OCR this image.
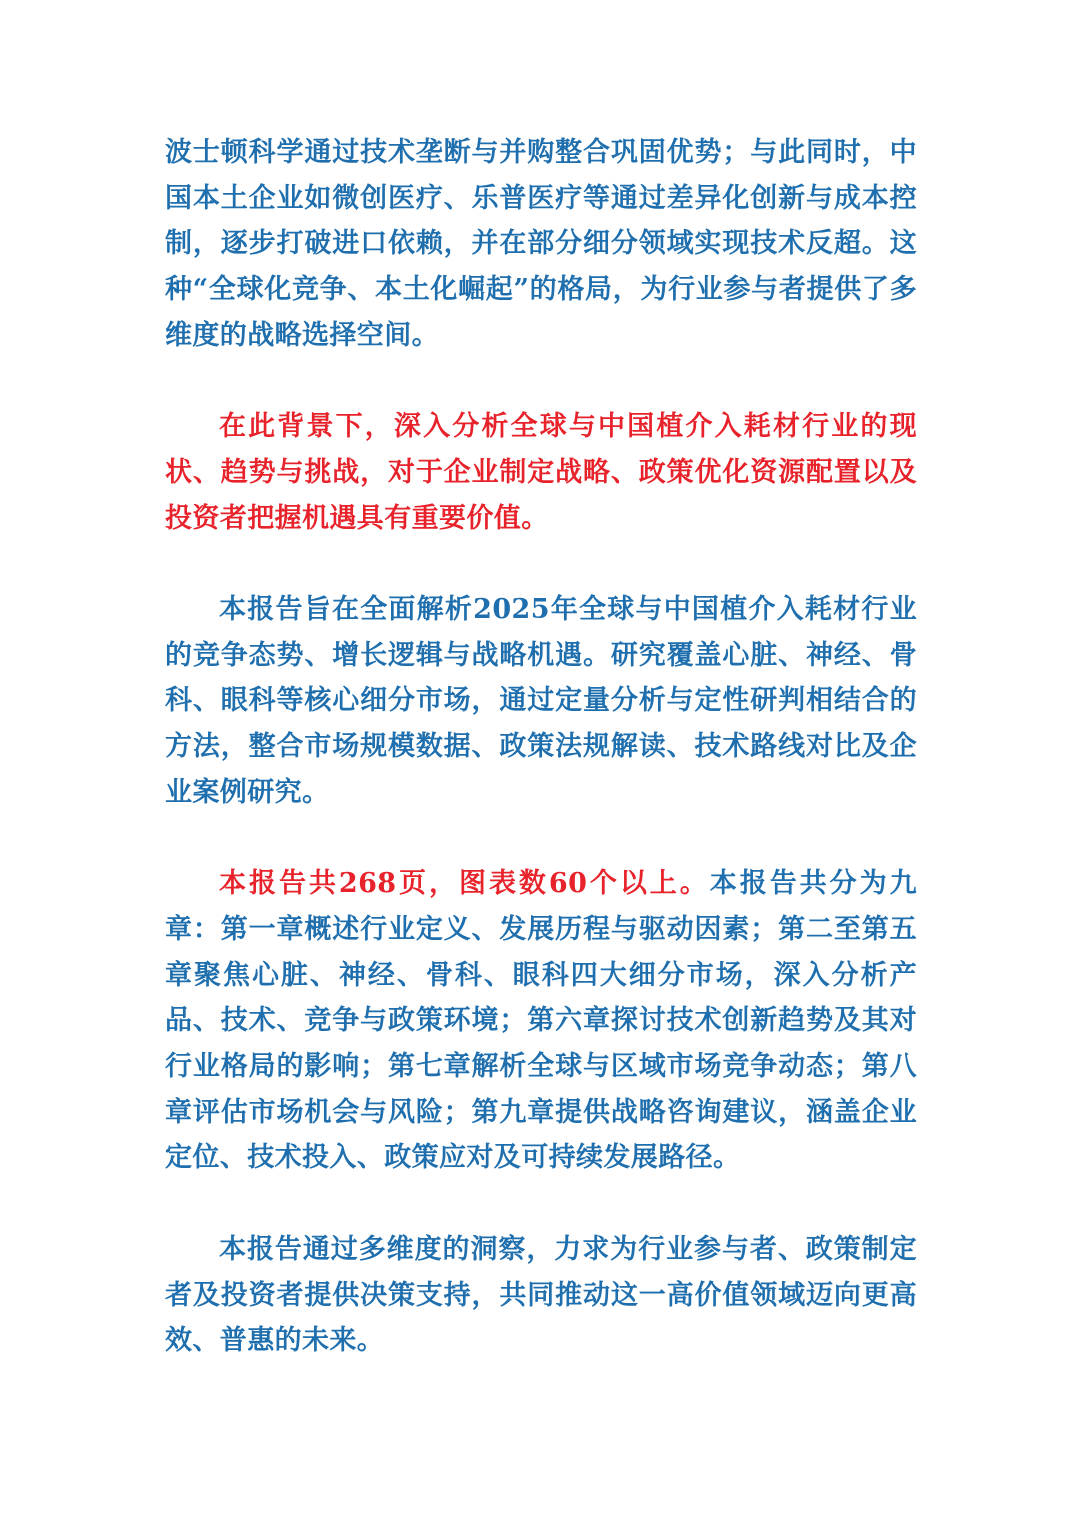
波士顿科学通过技术垄断与并购整合巩固优势；与此同时，中国本土企业如微创医疗、乐普医疗等通过差异化创新与成本控制，逐步打破进口依赖，并在部分细分领域实现技术反超。这种“全球化竞争、本土化崛起”的格局，为行业参与者提供了多维度的战略选择空间。

在此背景下，深入分析全球与中国植介入耗材行业的现状、趋势与挑战，对于企业制定战略、政策优化资源配置以及投资者把握机遇具有重要价值。

本报告旨在全面解析2025年全球与中国植介入耗材行业的竞争态势、增长逻辑与战略机遇。研究覆盖心脏、神经、骨科、眼科等核心细分市场，通过定量分析与定性研判相结合的方法，整合市场规模数据、政策法规解读、技术路线对比及企业案例研究。

本报告共268页，图表数60个以上。本报告共分为九章：第一章概述行业定义、发展历程与驱动因素；第二至第五章聚焦心脏、神经、骨科、眼科四大细分市场，深入分析产品、技术、竞争与政策环境；第六章探讨技术创新趋势及其对行业格局的影响；第七章解析全球与区域市场竞争动态；第八章评估市场机会与风险；第九章提供战略咨询建议，涵盖企业定位、技术投入、政策应对及可持续发展路径。

本报告通过多维度的洞察，力求为行业参与者、政策制定者及投资者提供决策支持，共同推动这一高价值领域迈向更高效、普惠的未来。
